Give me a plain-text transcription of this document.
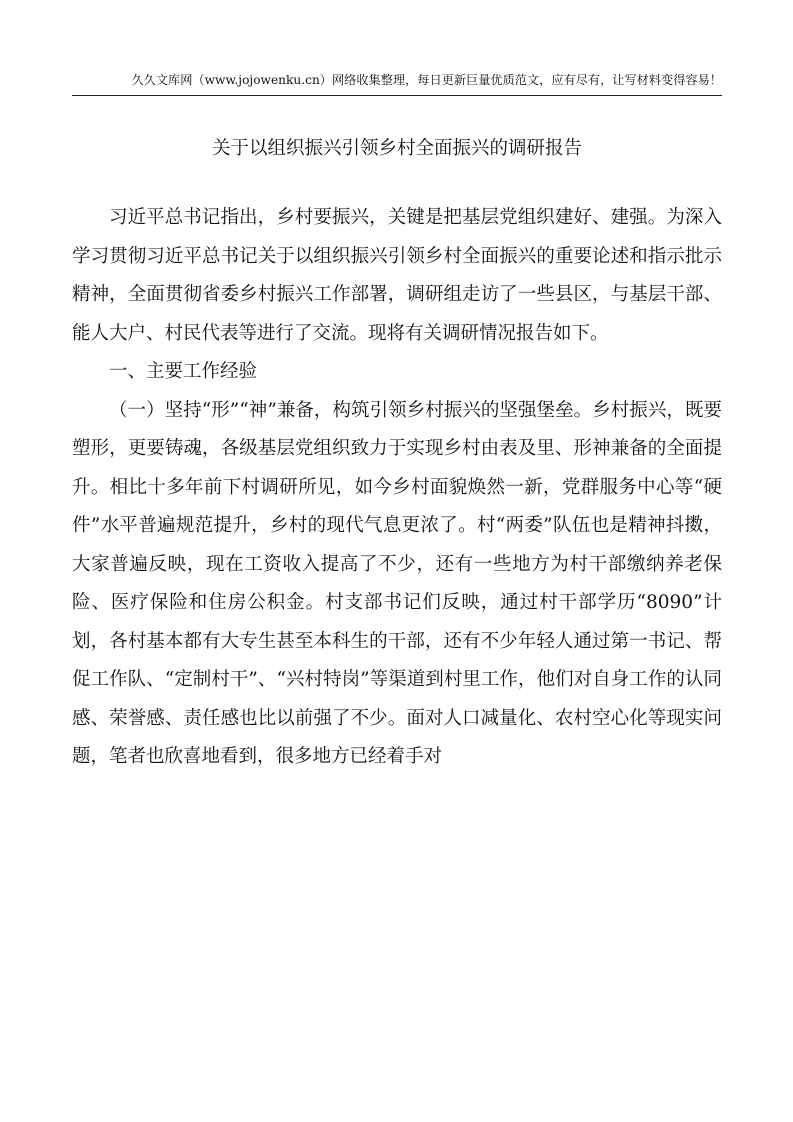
久久文库网（www.jojowenku.cn）网络收集整理，每日更新巨量优质范文，应有尽有，让写材料变得容易！
关于以组织振兴引领乡村全面振兴的调研报告

习近平总书记指出，乡村要振兴，关键是把基层党组织建好、建强。为深入学习贯彻习近平总书记关于以组织振兴引领乡村全面振兴的重要论述和指示批示精神，全面贯彻省委乡村振兴工作部署，调研组走访了一些县区，与基层干部、能人大户、村民代表等进行了交流。现将有关调研情况报告如下。

一、主要工作经验

（一）坚持“形”“神”兼备，构筑引领乡村振兴的坚强堡垒。乡村振兴，既要塑形，更要铸魂，各级基层党组织致力于实现乡村由表及里、形神兼备的全面提升。相比十多年前下村调研所见，如今乡村面貌焕然一新，党群服务中心等“硬件”水平普遍规范提升，乡村的现代气息更浓了。村“两委”队伍也是精神抖擞，大家普遍反映，现在工资收入提高了不少，还有一些地方为村干部缴纳养老保险、医疗保险和住房公积金。村支部书记们反映，通过村干部学历“8090”计划，各村基本都有大专生甚至本科生的干部，还有不少年轻人通过第一书记、帮促工作队、“定制村干”、“兴村特岗”等渠道到村里工作，他们对自身工作的认同感、荣誉感、责任感也比以前强了不少。面对人口减量化、农村空心化等现实问题，笔者也欣喜地看到，很多地方已经着手对
